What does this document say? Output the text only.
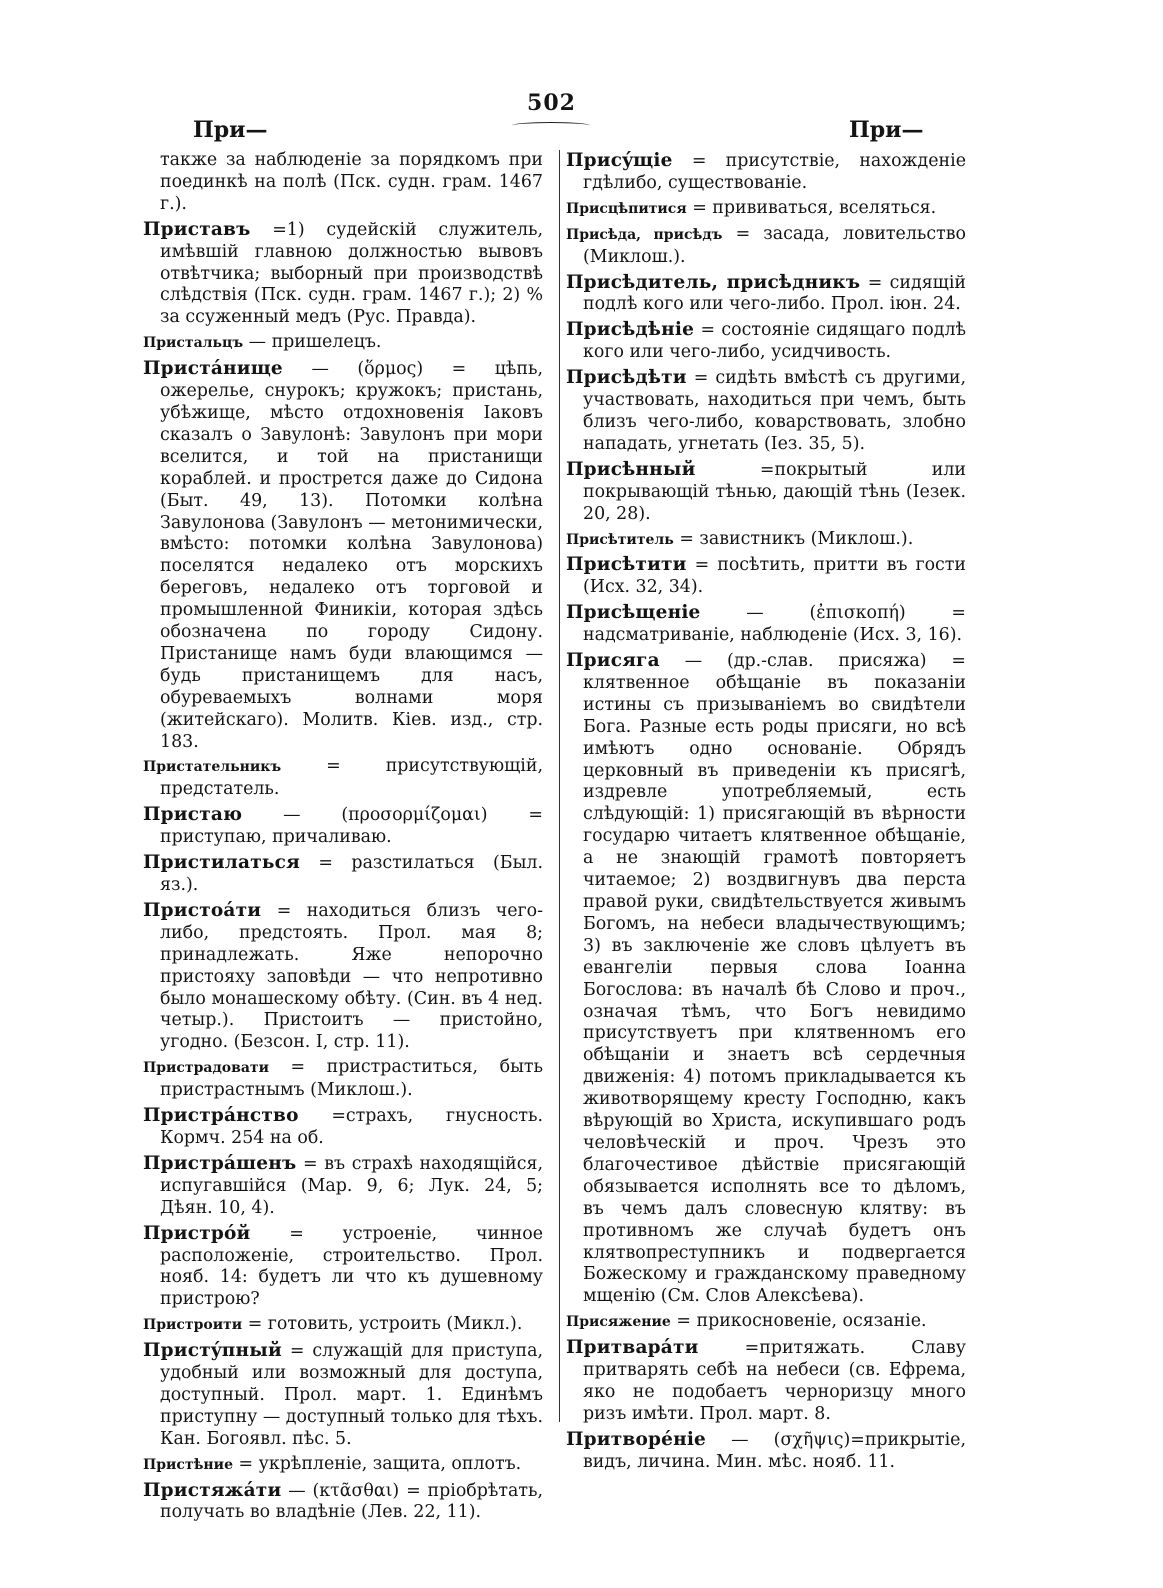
502
При—	При—

также за наблюденіе за порядкомъ при поединкѣ на полѣ (Пск. судн. грам. 1467 г.).

Приставъ =1) судейскій служитель, имѣвшій главною должностью вывовъ отвѣтчика; выборный при производствѣ слѣдствія (Пск. судн. грам. 1467 г.); 2) % за ссуженный медъ (Рус. Правда).

Пристальцъ — пришелецъ.

Пристáнище — (ὅρμος) = цѣпь, ожерелье, снурокъ; кружокъ; пристань, убѣжище, мѣсто отдохновенія Іаковъ сказалъ о Завулонѣ: Завулонъ при мори вселится, и той на пристанищи кораблей. и прострется даже до Сидона (Быт. 49, 13). Потомки колѣна Завулонова (Завулонъ — метонимически, вмѣсто: потомки колѣна Завулонова) поселятся недалеко отъ морскихъ береговъ, недалеко отъ торговой и промышленной Финикіи, которая здѣсь обозначена по городу Сидону. Пристанище намъ буди влающимся — будь пристанищемъ для насъ, обуреваемыхъ волнами моря (житейскаго). Молитв. Кіев. изд., стр. 183.

Пристательникъ	= присутствующій, предстатель.

Пристаю — (προσορμίζομαι) = приступаю, причаливаю.

Пристилаться = разстилаться (Был. яз.).

Пристоáти = находиться близъ чего-либо, предстоять. Прол. мая 8; принадлежать. Яже непорочно пристояху заповѣди — что непротивно было монашескому обѣту. (Син. въ 4 нед. четыр.). Пристоитъ — пристойно, угодно. (Безсон. I, стр. 11).

Пристрадовати = пристраститься, быть пристрастнымъ (Миклош.).

Пристрáнство =страхъ, гнусность. Кормч. 254 на об.

Пристрáшенъ = въ страхѣ находящійся, испугавшійся (Мар. 9, 6; Лук. 24, 5; Дѣян. 10, 4).

Пристрóй = устроеніе, чинное расположеніе, строительство. Прол. нояб. 14: будетъ ли что къ душевному пристрою?

Пристроити = готовить, устроить (Микл.).

Пристýпный = служащій для приступа, удобный или возможный для доступа, доступный. Прол. март. 1. Единѣмъ приступну — доступный только для тѣхъ. Кан. Богоявл. пѣс. 5.

Пристѣние = укрѣпленіе, защита, оплотъ.

Пристяжáти — (κτᾶσθαι) = пріобрѣтать, получать во владѣніе (Лев. 22, 11).

Присýщіе = присутствіе, нахожденіе гдѣлибо, существованіе.

Присцѣпитися = прививаться, вселяться.

Присѣда, присѣдъ = засада, ловительство (Миклош.).

Присѣдитель, присѣдникъ = сидящій подлѣ кого или чего-либо. Прол. іюн. 24.

Присѣдѣніе = состояніе сидящаго подлѣ кого или чего-либо, усидчивость.

Присѣдѣти = сидѣть вмѣстѣ съ другими, участвовать, находиться при чемъ, быть близъ чего-либо, коварствовать, злобно нападать, угнетать (Іез. 35, 5).

Присѣнный	=покрытый или покрывающій тѣнью, дающій тѣнь (Іезек. 20, 28).

Присѣтитель = завистникъ (Миклош.).

Присѣтити = посѣтить, притти въ гости (Исх. 32, 34).

Присѣщеніе	— (ἐπισκοπή) = надсматриваніе, наблюденіе (Исх. 3, 16).

Присяга — (др.-слав. присяжа) = клятвенное обѣщаніе въ показаніи истины съ призываніемъ во свидѣтели Бога. Разные есть роды присяги, но всѣ имѣютъ одно основаніе. Обрядъ церковный въ приведеніи къ присягѣ, издревле употребляемый, есть слѣдующій: 1) присягающій въ вѣрности государю читаетъ клятвенное обѣщаніе, а не знающій грамотѣ повторяетъ читаемое; 2) воздвигнувъ два перста правой руки, свидѣтельствуется живымъ Богомъ, на небеси владычествующимъ; 3) въ заключеніе же словъ цѣлуетъ въ евангеліи первыя слова Іоанна Богослова: въ началѣ бѣ Слово и проч., означая тѣмъ, что Богъ невидимо присутствуетъ при клятвенномъ его обѣщаніи и знаетъ всѣ сердечныя движенія: 4) потомъ прикладывается къ животворящему кресту Господню, какъ вѣрующій во Христа, искупившаго родъ человѣческій и проч. Чрезъ это благочестивое дѣйствіе присягающій обязывается исполнять все то дѣломъ, въ чемъ далъ словесную клятву: въ противномъ же случаѣ будетъ онъ клятвопреступникъ и подвергается Божескому и гражданскому праведному мщенію (См. Слов Алексѣева).

Присяжение = прикосновеніе, осязаніе.

Притварáти	=притяжать. Славу притварять себѣ на небеси (св. Ефрема, яко не подобаетъ черноризцу много ризъ имѣти. Прол. март. 8.

Притворéніе — (σχῆψις)=прикрытіе, видъ, личина. Мин. мѣс. нояб. 11.
